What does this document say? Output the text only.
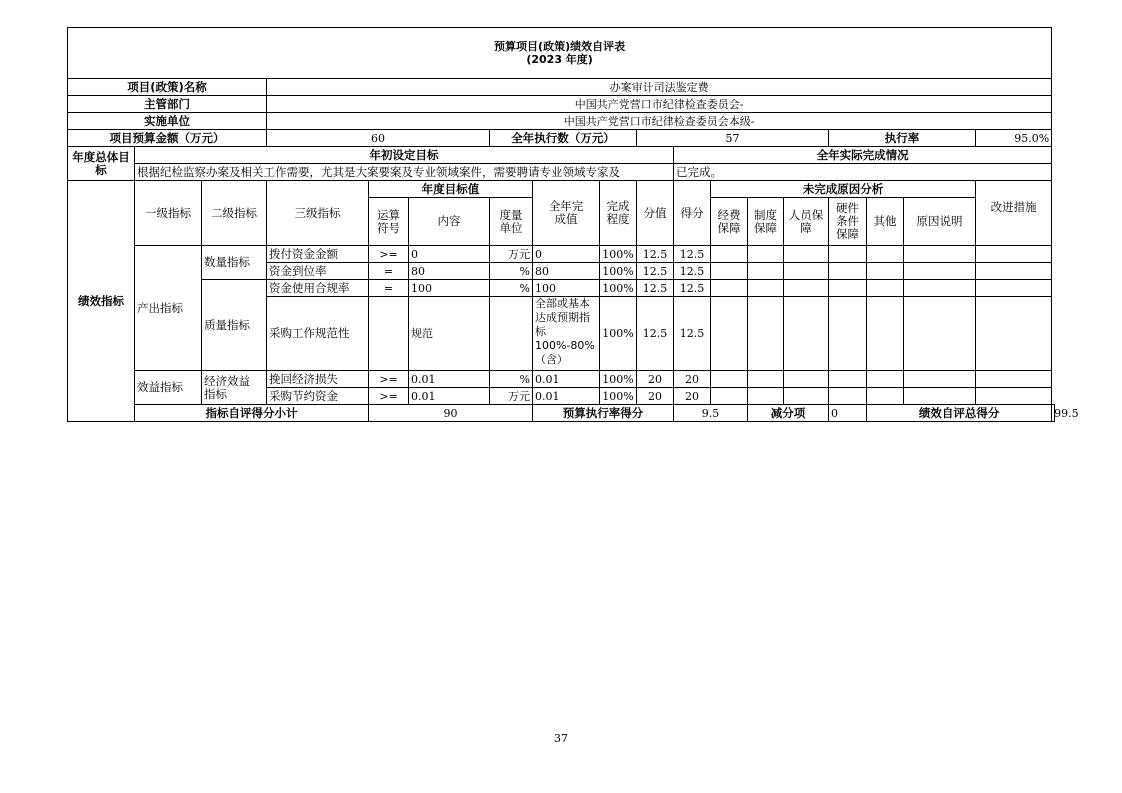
预算项目(政策)绩效自评表
(2023 年度)																		

项目(政策)名称			办案审计司法鉴定费															
主管部门			中国共产党营口市纪律检查委员会-															
实施单位			中国共产党营口市纪律检查委员会本级-															
项目预算金额（万元）			60			全年执行数（万元）			57					执行率			95.0%	
年度总体目标	年初设定目标									全年实际完成情况								
	根据纪检监察办案及相关工作需要，尤其是大案要案及专业领域案件，需要聘请专业领域专家及									已完成。								
绩效指标	一级指标	二级指标	三级指标	年度目标值			全年完成值	完成程度	分值	得分	未完成原因分析						改进措施	

				运算符号	内容	度量单位					经费保障	制度保障	人员保障	硬件条件保障	其他	原因说明		

	产出指标	数量指标	拨付资金金额	>=	0	万元	0	100%	12.5	12.5								
			资金到位率	=	80	%	80	100%	12.5	12.5								
		质量指标	资金使用合规率	=	100	%	100	100%	12.5	12.5								
			采购工作规范性		规范		全部或基本达成预期指标100%-80%（含）	100%	12.5	12.5								
	效益指标	经济效益指标	挽回经济损失	>=	0.01	%	0.01	100%	20	20								
			采购节约资金	>=	0.01	万元	0.01	100%	20	20								
	指标自评得分小计			90			预算执行率得分			9.5		减分项		0	绩效自评总得分			99.5
37
